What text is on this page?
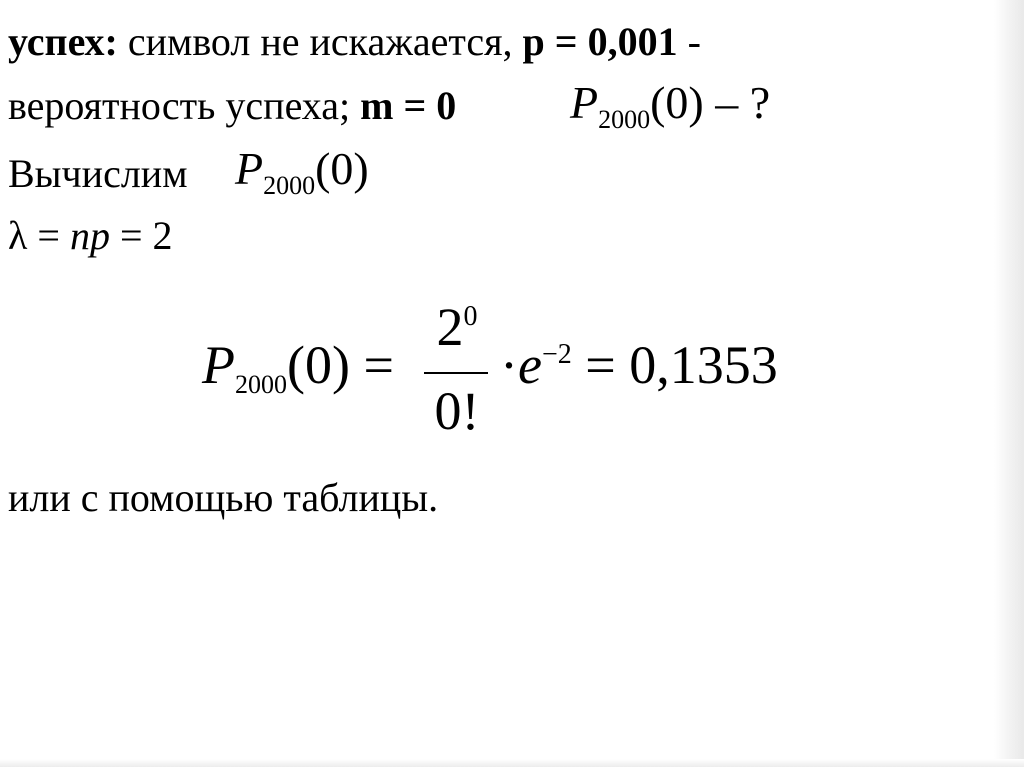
успех: символ не искажается, p = 0,001 -
вероятность успеха; m = 0 $P_{2000}(0)$ – ?
Вычислим $P_{2000}(0)$
λ = np = 2
P2000(0) =
$2^0$
0!
$\cdot e^{-2} = 0,1353$
или с помощью таблицы.
